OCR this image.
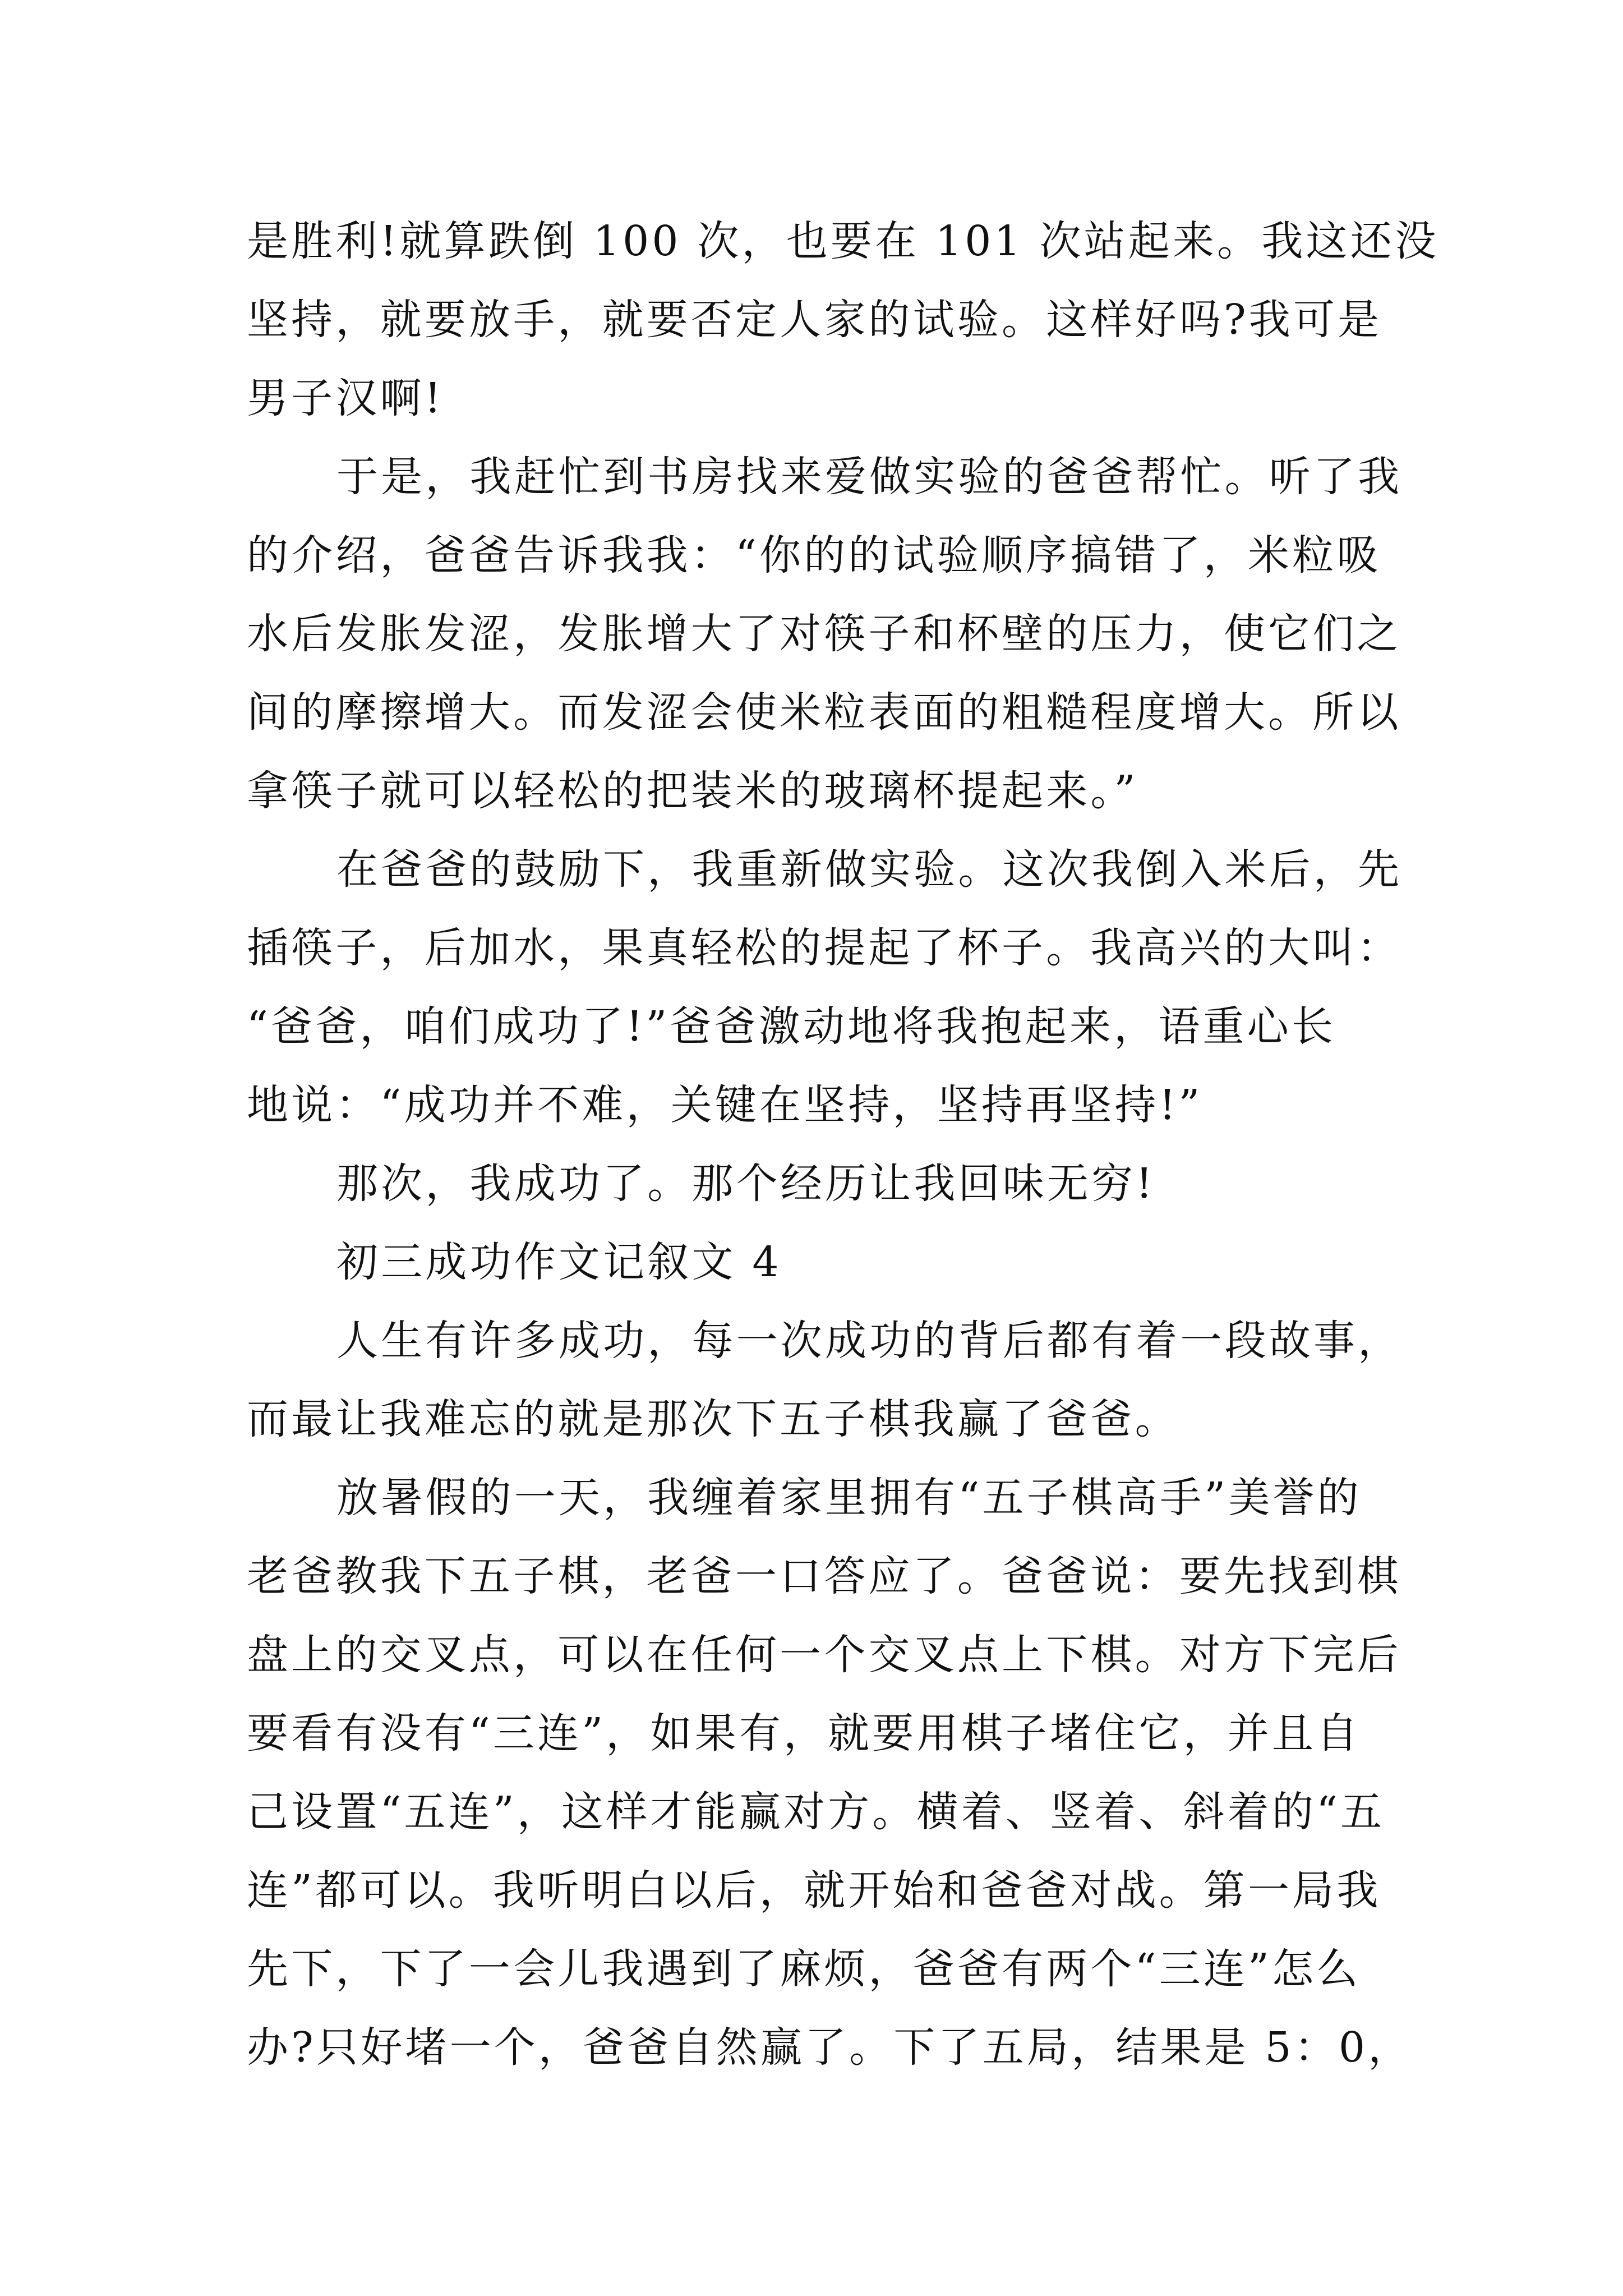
是胜利!就算跌倒 100 次，也要在 101 次站起来。我这还没
坚持，就要放手，就要否定人家的试验。这样好吗?我可是
男子汉啊!
于是，我赶忙到书房找来爱做实验的爸爸帮忙。听了我
的介绍，爸爸告诉我我：“你的的试验顺序搞错了，米粒吸
水后发胀发涩，发胀增大了对筷子和杯壁的压力，使它们之
间的摩擦增大。而发涩会使米粒表面的粗糙程度增大。所以
拿筷子就可以轻松的把装米的玻璃杯提起来。”
在爸爸的鼓励下，我重新做实验。这次我倒入米后，先
插筷子，后加水，果真轻松的提起了杯子。我高兴的大叫：
“爸爸，咱们成功了!”爸爸激动地将我抱起来，语重心长
地说：“成功并不难，关键在坚持，坚持再坚持!”
那次，我成功了。那个经历让我回味无穷!
初三成功作文记叙文 4
人生有许多成功，每一次成功的背后都有着一段故事，
而最让我难忘的就是那次下五子棋我赢了爸爸。
放暑假的一天，我缠着家里拥有“五子棋高手”美誉的
老爸教我下五子棋，老爸一口答应了。爸爸说：要先找到棋
盘上的交叉点，可以在任何一个交叉点上下棋。对方下完后
要看有没有“三连”，如果有，就要用棋子堵住它，并且自
己设置“五连”，这样才能赢对方。横着、竖着、斜着的“五
连”都可以。我听明白以后，就开始和爸爸对战。第一局我
先下，下了一会儿我遇到了麻烦，爸爸有两个“三连”怎么
办?只好堵一个，爸爸自然赢了。下了五局，结果是 5：0，
